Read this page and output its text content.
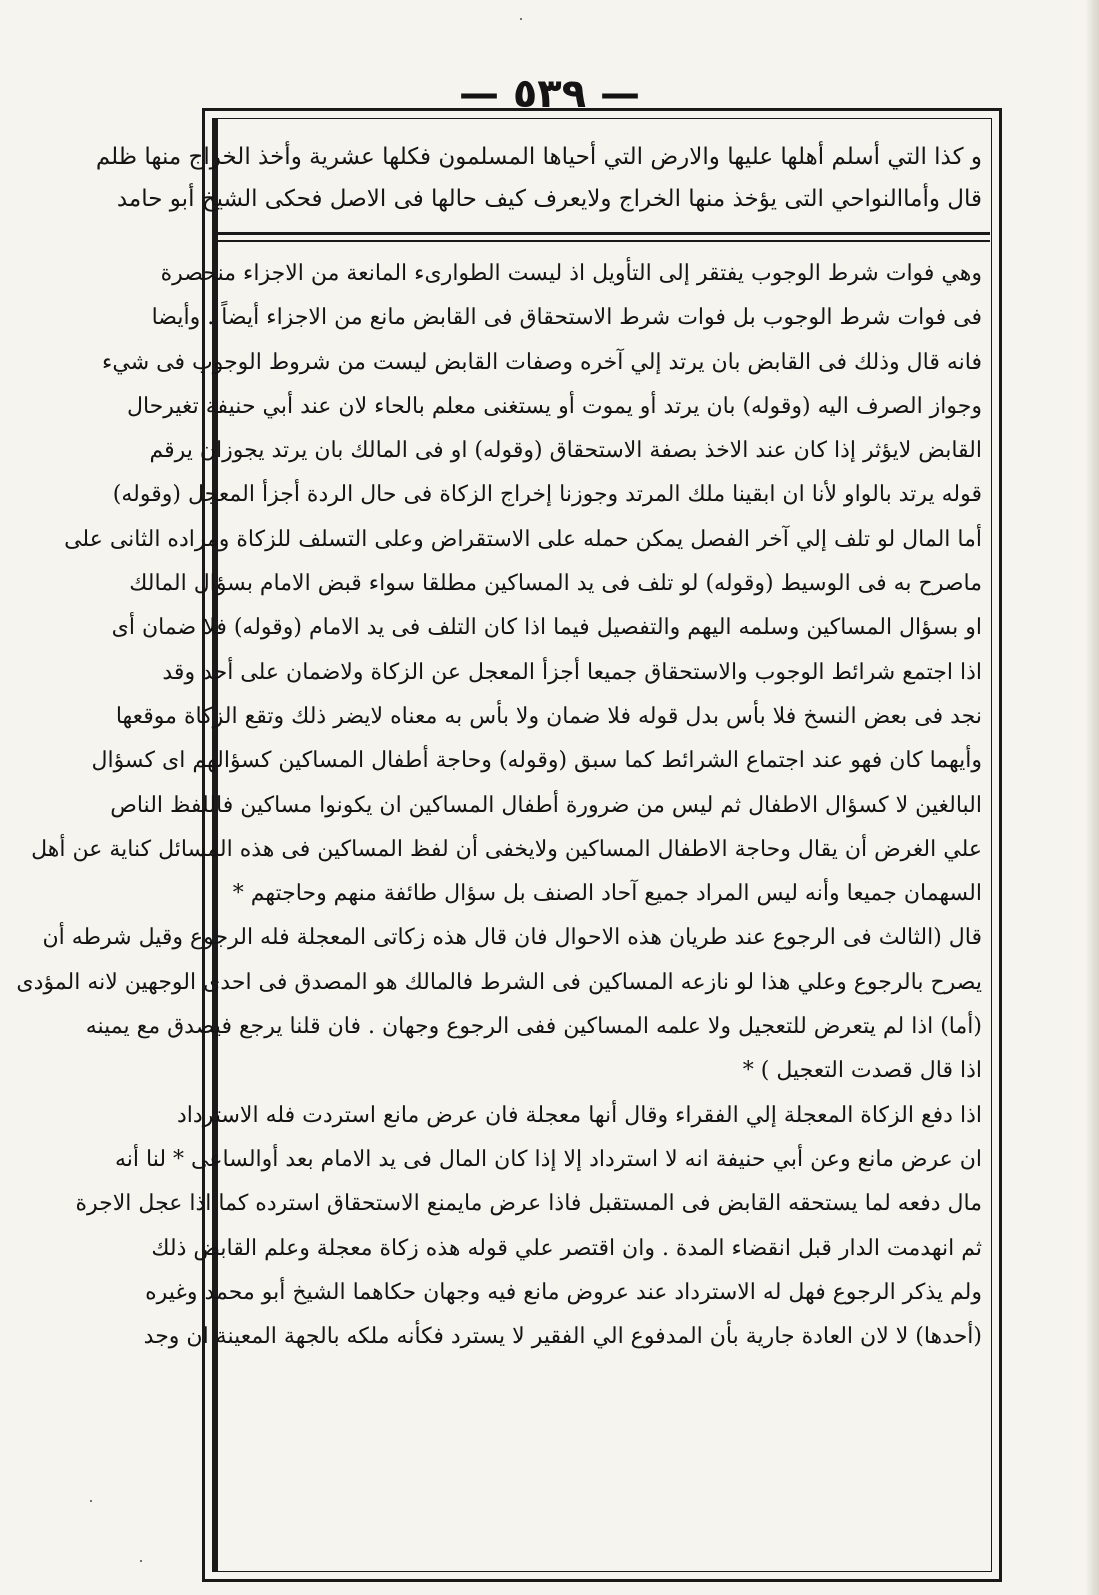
— ٥٣٩ —
و كذا التي أسلم أهلها عليها والارض التي أحياها المسلمون فكلها عشرية وأخذ الخراج منها ظلم
قال وأماالنواحي التى يؤخذ منها الخراج ولايعرف كيف حالها فى الاصل فحكى الشيخ أبو حامد
وهي فوات شرط الوجوب يفتقر إلى التأويل اذ ليست الطوارىء المانعة من الاجزاء منحصرة
فى فوات شرط الوجوب بل فوات شرط الاستحقاق فى القابض مانع من الاجزاء أيضاً . وأيضا
فانه قال وذلك فى القابض بان يرتد إلي آخره وصفات القابض ليست من شروط الوجوب فى شيء
وجواز الصرف اليه (وقوله) بان يرتد أو يموت أو يستغنى معلم بالحاء لان عند أبي حنيفة تغيرحال
القابض لايؤثر إذا كان عند الاخذ بصفة الاستحقاق (وقوله) او فى المالك بان يرتد يجوزان يرقم
قوله يرتد بالواو لأنا ان ابقينا ملك المرتد وجوزنا إخراج الزكاة فى حال الردة أجزأ المعجل (وقوله)
أما المال لو تلف إلي آخر الفصل يمكن حمله على الاستقراض وعلى التسلف للزكاة ومراده الثانى على
ماصرح به فى الوسيط (وقوله) لو تلف فى يد المساكين مطلقا سواء قبض الامام بسؤال المالك
او بسؤال المساكين وسلمه اليهم والتفصيل فيما اذا كان التلف فى يد الامام (وقوله) فلا ضمان أى
اذا اجتمع شرائط الوجوب والاستحقاق جميعا أجزأ المعجل عن الزكاة ولاضمان على أحد وقد
نجد فى بعض النسخ فلا بأس بدل قوله فلا ضمان ولا بأس به معناه لايضر ذلك وتقع الزكاة موقعها
وأيهما كان فهو عند اجتماع الشرائط كما سبق (وقوله) وحاجة أطفال المساكين كسؤالهم اى كسؤال
البالغين لا كسؤال الاطفال ثم ليس من ضرورة أطفال المساكين ان يكونوا مساكين فاللفظ الناص
علي الغرض أن يقال وحاجة الاطفال المساكين ولايخفى أن لفظ المساكين فى هذه المسائل كناية عن أهل
السهمان جميعا وأنه ليس المراد جميع آحاد الصنف بل سؤال طائفة منهم وحاجتهم *
قال (الثالث فى الرجوع عند طريان هذه الاحوال فان قال هذه زكاتى المعجلة فله الرجوع وقيل شرطه أن
يصرح بالرجوع وعلي هذا لو نازعه المساكين فى الشرط فالمالك هو المصدق فى احدى الوجهين لانه المؤدى
(أما) اذا لم يتعرض للتعجيل ولا علمه المساكين ففى الرجوع وجهان . فان قلنا يرجع فيصدق مع يمينه
اذا قال قصدت التعجيل ) *
اذا دفع الزكاة المعجلة إلي الفقراء وقال أنها معجلة فان عرض مانع استردت فله الاسترداد
ان عرض مانع وعن أبي حنيفة انه لا استرداد إلا إذا كان المال فى يد الامام بعد أوالساعى * لنا أنه
مال دفعه لما يستحقه القابض فى المستقبل فاذا عرض مايمنع الاستحقاق استرده كما اذا عجل الاجرة
ثم انهدمت الدار قبل انقضاء المدة . وان اقتصر علي قوله هذه زكاة معجلة وعلم القابض ذلك
ولم يذكر الرجوع فهل له الاسترداد عند عروض مانع فيه وجهان حكاهما الشيخ أبو محمد وغيره
(أحدها) لا لان العادة جارية بأن المدفوع الي الفقير لا يسترد فكأنه ملكه بالجهة المعينة ان وجد
